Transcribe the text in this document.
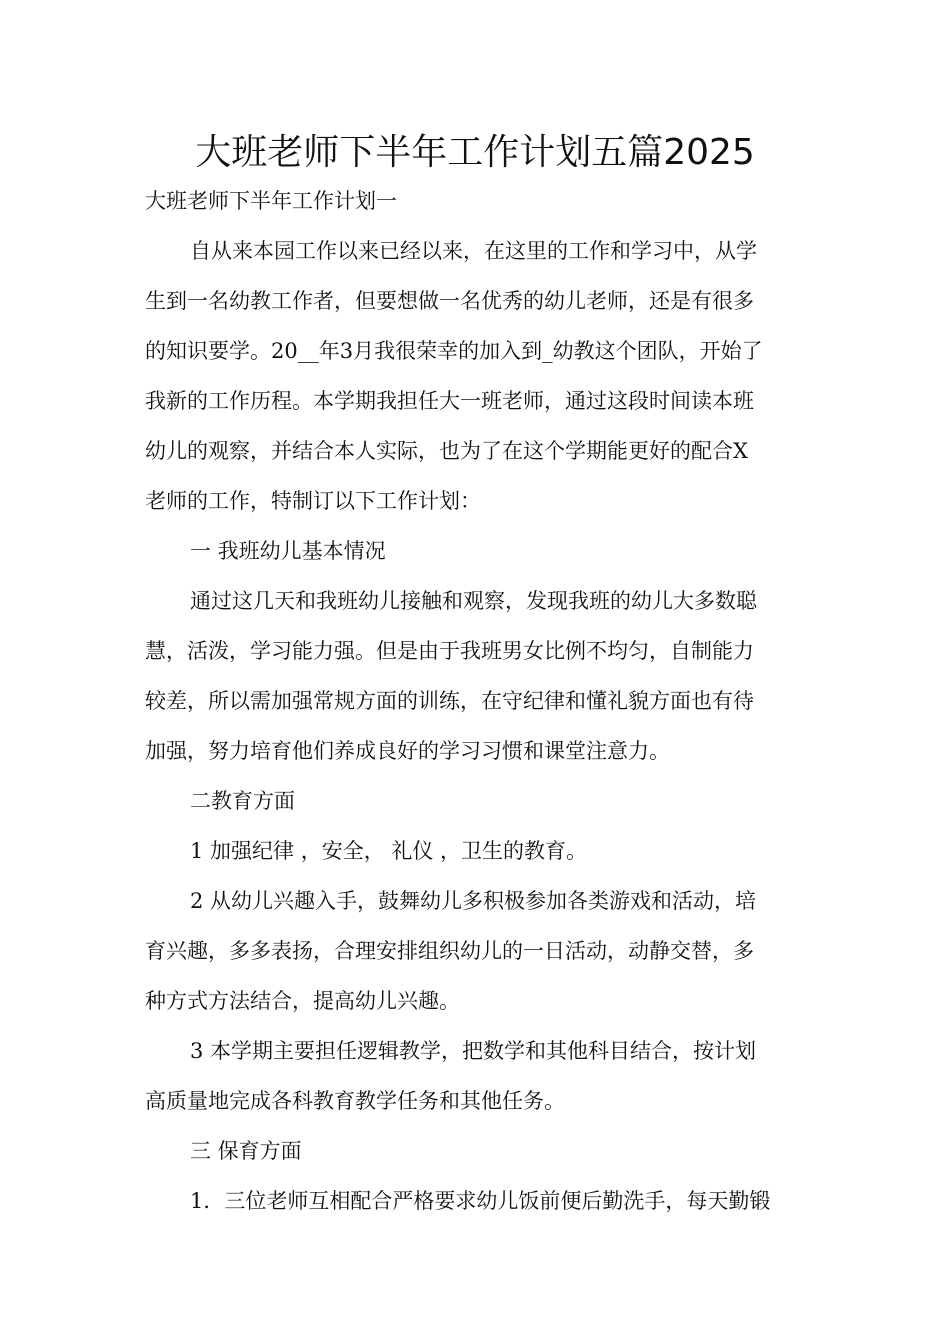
大班老师下半年工作计划五篇2025

大班老师下半年工作计划一

自从来本园工作以来已经以来，在这里的工作和学习中，从学

生到一名幼教工作者，但要想做一名优秀的幼儿老师，还是有很多

的知识要学。20__年3月我很荣幸的加入到_幼教这个团队，开始了

我新的工作历程。本学期我担任大一班老师，通过这段时间读本班

幼儿的观察，并结合本人实际，也为了在这个学期能更好的配合X

老师的工作，特制订以下工作计划：

一 我班幼儿基本情况

通过这几天和我班幼儿接触和观察，发现我班的幼儿大多数聪

慧，活泼，学习能力强。但是由于我班男女比例不均匀，自制能力

较差，所以需加强常规方面的训练，在守纪律和懂礼貌方面也有待

加强，努力培育他们养成良好的学习习惯和课堂注意力。

二教育方面

1 加强纪律 ，安全， 礼仪 ，卫生的教育。

2 从幼儿兴趣入手，鼓舞幼儿多积极参加各类游戏和活动，培

育兴趣，多多表扬，合理安排组织幼儿的一日活动，动静交替，多

种方式方法结合，提高幼儿兴趣。

3 本学期主要担任逻辑教学，把数学和其他科目结合，按计划

高质量地完成各科教育教学任务和其他任务。

三 保育方面

1．三位老师互相配合严格要求幼儿饭前便后勤洗手，每天勤锻
